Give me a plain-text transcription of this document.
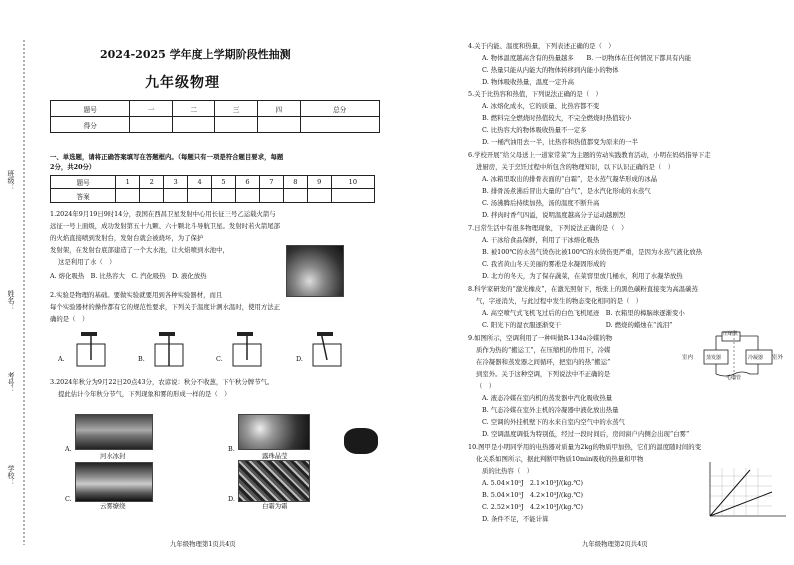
班级：
姓名：
考号：
学校：
2024-2025 学年度上学期阶段性抽测
九年级物理
题号	一	二	三	四	总分
得分					
一、单选题，请将正确答案填写在答题框内。（每题只有一项是符合题目要求，每题
2分，共20分）
题号	1	2	3	4	5	6	7	8	9	10
答案										
1.2024年9月19日9时14分，我国在西昌卫星发射中心用长征三号乙运载火箭与
远征一号上面级，成功发射第五十九颗、六十颗北斗导航卫星。发射时若火箭尾部
的火焰直接喷到发射台，发射台就会被烧坏，为了保护
发射架，在发射台底部建造了一个大水池，让火焰喷到水池中，
这是利用了水（　）
A. 熔化吸热　B. 比热容大　C. 汽化吸热　D. 液化放热
2.实验是物理的基础。要做实验就要用到各种实验器材，而且
每个实验器材的操作都有它的规范性要求，下列关于温度计测水温时，使用方法正
确的是（　）
A.	B.	C.	D.
3.2024年秋分为9月22日20点43分，农谚说：秋分不收葱，下午秋分牌节气。
提此估计今年秋分节气，下列现象和雾的形成一样的是（　）
A.
河水冰封
B.
露珠晶莹
C.
云雾缭绕
D.
白霜为霜
九年级物理第1页共4页
4.关于内能、温度和热量，下列表述正确的是（　）
A. 物体温度越高含有的热量越多　　B. 一切物体在任何情况下都具有内能
C. 热量只能从内能大的物体转移到内能小的物体
D. 物体吸收热量，温度一定升高
5.关于比热容和热值，下列说法正确的是（　）
A. 冰熔化成水，它的质量、比热容都不变
B. 燃料完全燃烧时热值较大，不完全燃烧时热值较小
C. 比热容大的物体吸收热量不一定多
D. 一桶汽油用去一半，比热容和热值都变为原来的一半
6.学校开展“给父母送上一道家常菜”为主题的劳动实践教育活动，小明在妈妈指导下走
进厨房，关于烹饪过程中所包含的物理知识，以下认识正确的是（　）
A. 冰箱里取出的排骨表面的“白霜”，是水蒸气凝华形成的冰晶
B. 排骨汤煮沸后冒出大量的“白气”，是水汽化形成的水蒸气
C. 汤沸腾后持续加热，汤的温度不断升高
D. 拌肉时香气四溢，说明温度越高分子运动越剧烈
7.日常生活中有很多物理现象，下列说法正确的是（　）
A. 干冰给食品保鲜，利用了干冰熔化吸热
B. 被100℃的水蒸气烫伤比被100℃的水烫伤更严重，是因为水蒸气液化放热
C. 我省黄山冬天美丽的雾凇是水凝固形成的
D. 北方的冬天，为了保存蔬菜，在菜窖里放几桶水，利用了水凝华放热
8.科学家研发的“激光橡皮”，在激光照射下，纸张上的黑色碳粉直接变为高温碳蒸
气，字迹消失，与此过程中发生的物态变化相同的是（　）
A. 高空喷气式飞机飞过后的白色飞机尾迹　B. 衣箱里的樟脑球逐渐变小
C. 阳光下的湿衣服逐渐变干　　　　　　　D. 燃烧的蜡烛在“流泪”
9.如图所示，空调利用了一种叫做R-134a冷媒的物
质作为热的“搬运工”，在压缩机的作用下，冷媒
在冷凝器和蒸发器之间循环，把室内的热“搬运”
到室外。关于这种空调，下列说法中不正确的是
（　）
A. 液态冷媒在室内机的蒸发器中汽化吸收热量
B. 气态冷媒在室外主机的冷凝器中液化放出热量
C. 空调的外挂机壁下的水来自室内空气中的水蒸气
D. 空调温度调低为特别低，经过一段时间后，房间窗户内侧会出现“白雾”
10.图甲是小明同学用的电热器对质量为2kg的物质甲加热，它们的温度随时间的变
化关系如图所示，据此判断甲物质10min吸收的热量和甲物
质的比热容（　）
A. 5.04×10⁵J　2.1×10³J/(kg.℃)
B. 5.04×10⁵J　4.2×10³J/(kg.℃)
C. 2.52×10⁵J　4.2×10³J/(kg.℃)
D. 条件不足，不能计算
压缩机
室内	室外
蒸发器	冷凝器
毛细管
九年级物理第2页共4页
